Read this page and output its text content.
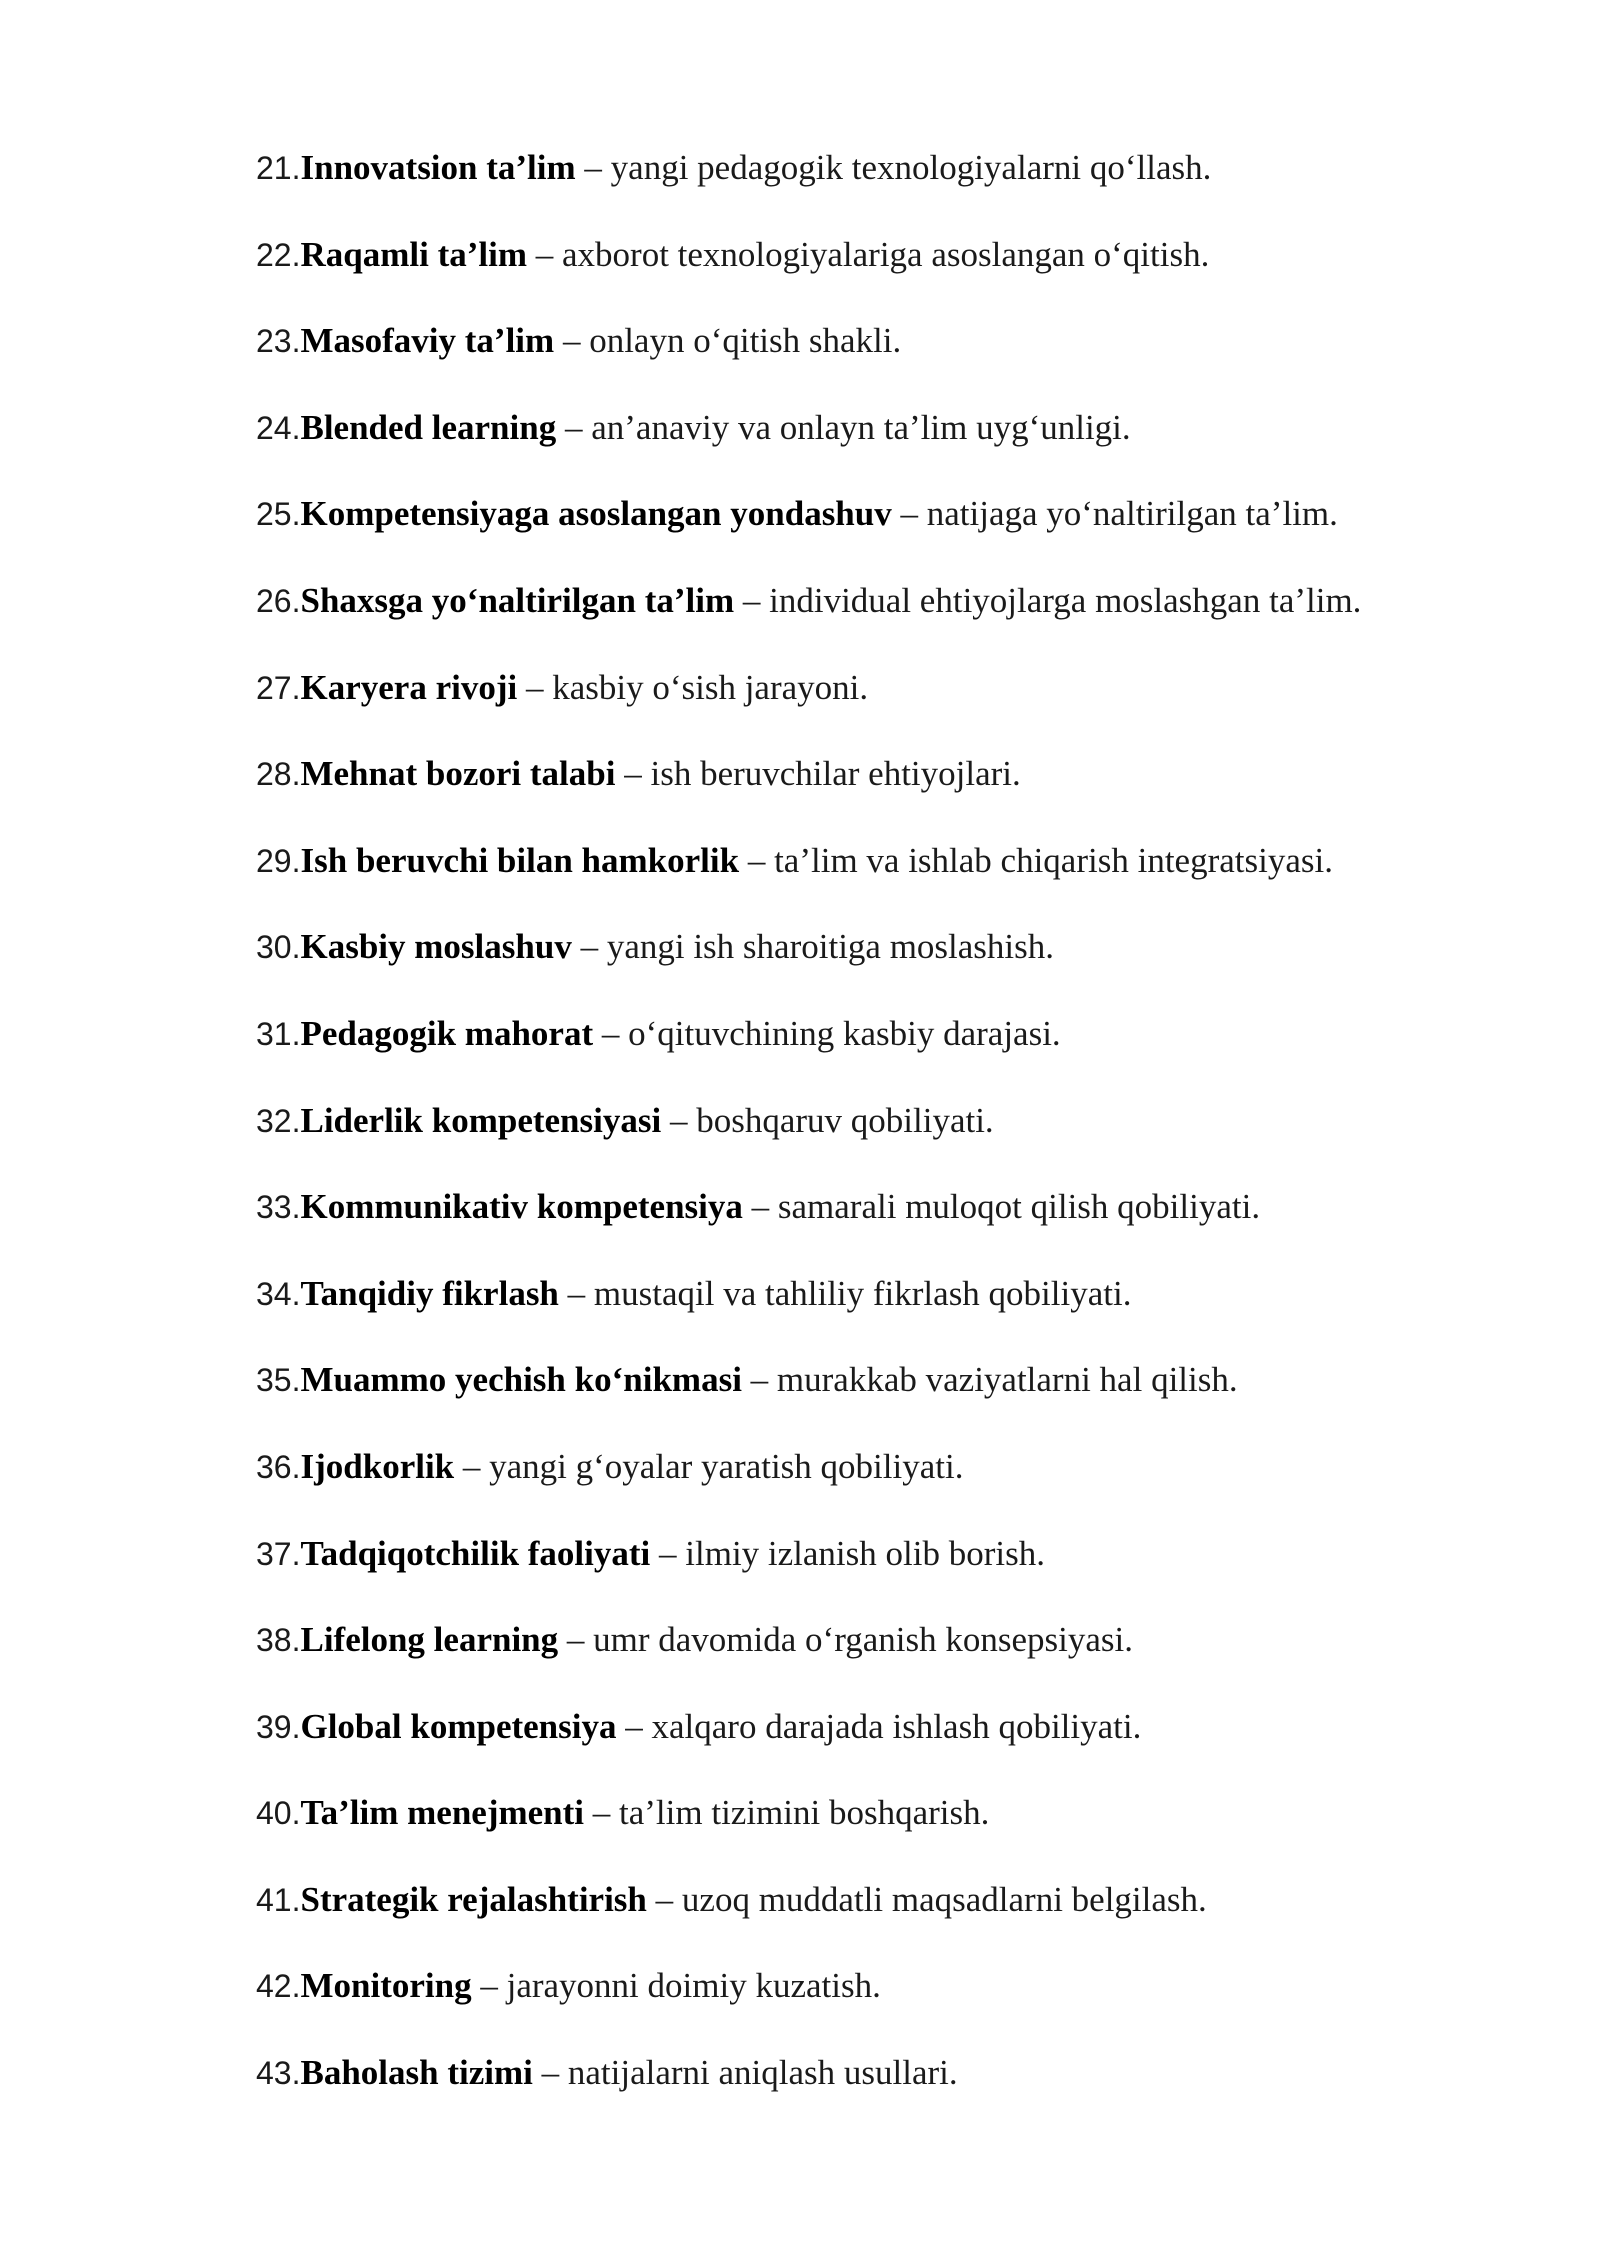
21.Innovatsion ta’lim – yangi pedagogik texnologiyalarni qo‘llash.
22.Raqamli ta’lim – axborot texnologiyalariga asoslangan o‘qitish.
23.Masofaviy ta’lim – onlayn o‘qitish shakli.
24.Blended learning – an’anaviy va onlayn ta’lim uyg‘unligi.
25.Kompetensiyaga asoslangan yondashuv – natijaga yo‘naltirilgan ta’lim.
26.Shaxsga yo‘naltirilgan ta’lim – individual ehtiyojlarga moslashgan ta’lim.
27.Karyera rivoji – kasbiy o‘sish jarayoni.
28.Mehnat bozori talabi – ish beruvchilar ehtiyojlari.
29.Ish beruvchi bilan hamkorlik – ta’lim va ishlab chiqarish integratsiyasi.
30.Kasbiy moslashuv – yangi ish sharoitiga moslashish.
31.Pedagogik mahorat – o‘qituvchining kasbiy darajasi.
32.Liderlik kompetensiyasi – boshqaruv qobiliyati.
33.Kommunikativ kompetensiya – samarali muloqot qilish qobiliyati.
34.Tanqidiy fikrlash – mustaqil va tahliliy fikrlash qobiliyati.
35.Muammo yechish ko‘nikmasi – murakkab vaziyatlarni hal qilish.
36.Ijodkorlik – yangi g‘oyalar yaratish qobiliyati.
37.Tadqiqotchilik faoliyati – ilmiy izlanish olib borish.
38.Lifelong learning – umr davomida o‘rganish konsepsiyasi.
39.Global kompetensiya – xalqaro darajada ishlash qobiliyati.
40.Ta’lim menejmenti – ta’lim tizimini boshqarish.
41.Strategik rejalashtirish – uzoq muddatli maqsadlarni belgilash.
42.Monitoring – jarayonni doimiy kuzatish.
43.Baholash tizimi – natijalarni aniqlash usullari.
